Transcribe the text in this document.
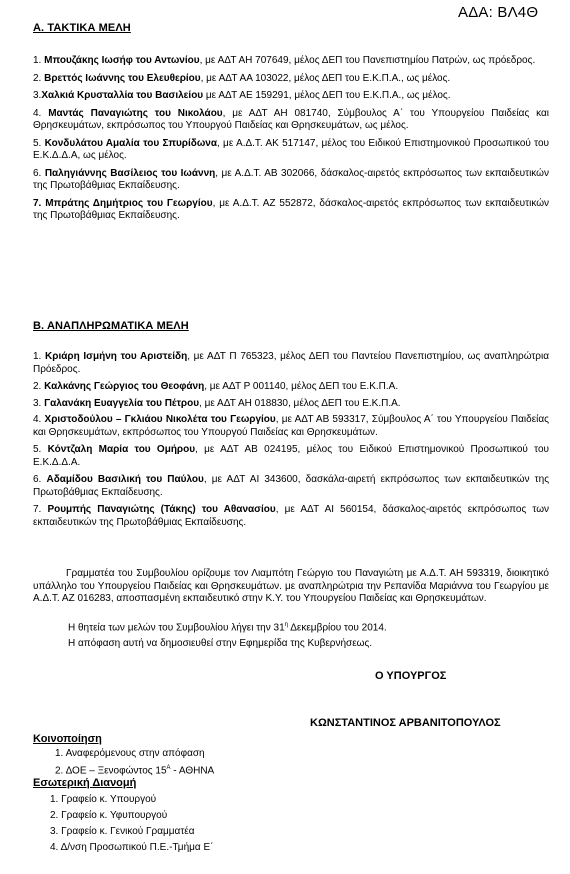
ΑΔΑ: ΒΛ4Θ
Α. ΤΑΚΤΙΚΑ ΜΕΛΗ

1. Μπουζάκης Ιωσήφ του Αντωνίου, με ΑΔΤ ΑΗ 707649, μέλος ΔΕΠ του Πανεπιστημίου Πατρών, ως πρόεδρος.

2. Βρεττός Ιωάννης του Ελευθερίου, με ΑΔΤ ΑΑ 103022, μέλος ΔΕΠ του Ε.Κ.Π.Α., ως μέλος.

3.Χαλκιά Κρυσταλλία του Βασιλείου με ΑΔΤ ΑΕ 159291, μέλος ΔΕΠ του Ε.Κ.Π.Α., ως μέλος.

4. Μαντάς Παναγιώτης του Νικολάου, με ΑΔΤ ΑΗ 081740, Σύμβουλος Α΄ του Υπουργείου Παιδείας και Θρησκευμάτων, εκπρόσωπος του Υπουργού Παιδείας και Θρησκευμάτων, ως μέλος.

5. Κονδυλάτου Αμαλία του Σπυρίδωνα, με Α.Δ.Τ. ΑΚ 517147, μέλος του Ειδικού Επιστημονικού Προσωπικού του Ε.Κ.Δ.Δ.Α, ως μέλος.

6. Παληγιάννης Βασίλειος του Ιωάννη, με Α.Δ.Τ. ΑΒ 302066, δάσκαλος-αιρετός εκπρόσωπος των εκπαιδευτικών της Πρωτοβάθμιας Εκπαίδευσης.

7. Μπράτης Δημήτριος του Γεωργίου, με Α.Δ.Τ. ΑΖ 552872, δάσκαλος-αιρετός εκπρόσωπος των εκπαιδευτικών της Πρωτοβάθμιας Εκπαίδευσης.

Β. ΑΝΑΠΛΗΡΩΜΑΤΙΚΑ ΜΕΛΗ

1. Κριάρη Ισμήνη του Αριστείδη, με ΑΔΤ Π 765323, μέλος ΔΕΠ του Παντείου Πανεπιστημίου, ως αναπληρώτρια Πρόεδρος.

2. Καλκάνης Γεώργιος του Θεοφάνη, με ΑΔΤ Ρ 001140, μέλος ΔΕΠ του Ε.Κ.Π.Α.

3. Γαλανάκη Ευαγγελία του Πέτρου, με ΑΔΤ ΑΗ 018830, μέλος ΔΕΠ του Ε.Κ.Π.Α.

4. Χριστοδούλου – Γκλιάου Νικολέτα του Γεωργίου, με ΑΔΤ ΑΒ 593317, Σύμβουλος Α΄ του Υπουργείου Παιδείας και Θρησκευμάτων, εκπρόσωπος του Υπουργού Παιδείας και Θρησκευμάτων.

5. Κόντζαλη Μαρία του Ομήρου, με ΑΔΤ ΑΒ 024195, μέλος του Ειδικού Επιστημονικού Προσωπικού του Ε.Κ.Δ.Δ.Α.

6. Αδαμίδου Βασιλική του Παύλου, με ΑΔΤ ΑΙ 343600, δασκάλα-αιρετή εκπρόσωπος των εκπαιδευτικών της Πρωτοβάθμιας Εκπαίδευσης.

7. Ρουμπής Παναγιώτης (Τάκης) του Αθανασίου, με ΑΔΤ ΑΙ 560154, δάσκαλος-αιρετός εκπρόσωπος των εκπαιδευτικών της Πρωτοβάθμιας Εκπαίδευσης.

Γραμματέα του Συμβουλίου ορίζουμε τον Λιαμπότη Γεώργιο του Παναγιώτη με Α.Δ.Τ. ΑΗ 593319, διοικητικό υπάλληλο του Υπουργείου Παιδείας και Θρησκευμάτων. με αναπληρώτρια την Ρεπανίδα Μαριάννα του Γεωργίου με Α.Δ.Τ. ΑΖ 016283, αποσπασμένη εκπαιδευτικό στην Κ.Υ. του Υπουργείου Παιδείας και Θρησκευμάτων.
Η θητεία των μελών του Συμβουλίου λήγει την $31^\eta$ Δεκεμβρίου του 2014.
Η απόφαση αυτή να δημοσιευθεί στην Εφημερίδα της Κυβερνήσεως.
Ο ΥΠΟΥΡΓΟΣ
ΚΩΝΣΤΑΝΤΙΝΟΣ ΑΡΒΑΝΙΤΟΠΟΥΛΟΣ
Κοινοποίηση
1. Αναφερόμενους στην απόφαση
2. ΔΟΕ – Ξενοφώντος $15^A$ - ΑΘΗΝΑ
Εσωτερική Διανομή
1. Γραφείο κ. Υπουργού
2. Γραφείο κ. Υφυπουργού
3. Γραφείο κ. Γενικού Γραμματέα
4. Δ/νση Προσωπικού Π.Ε.-Τμήμα Ε΄
